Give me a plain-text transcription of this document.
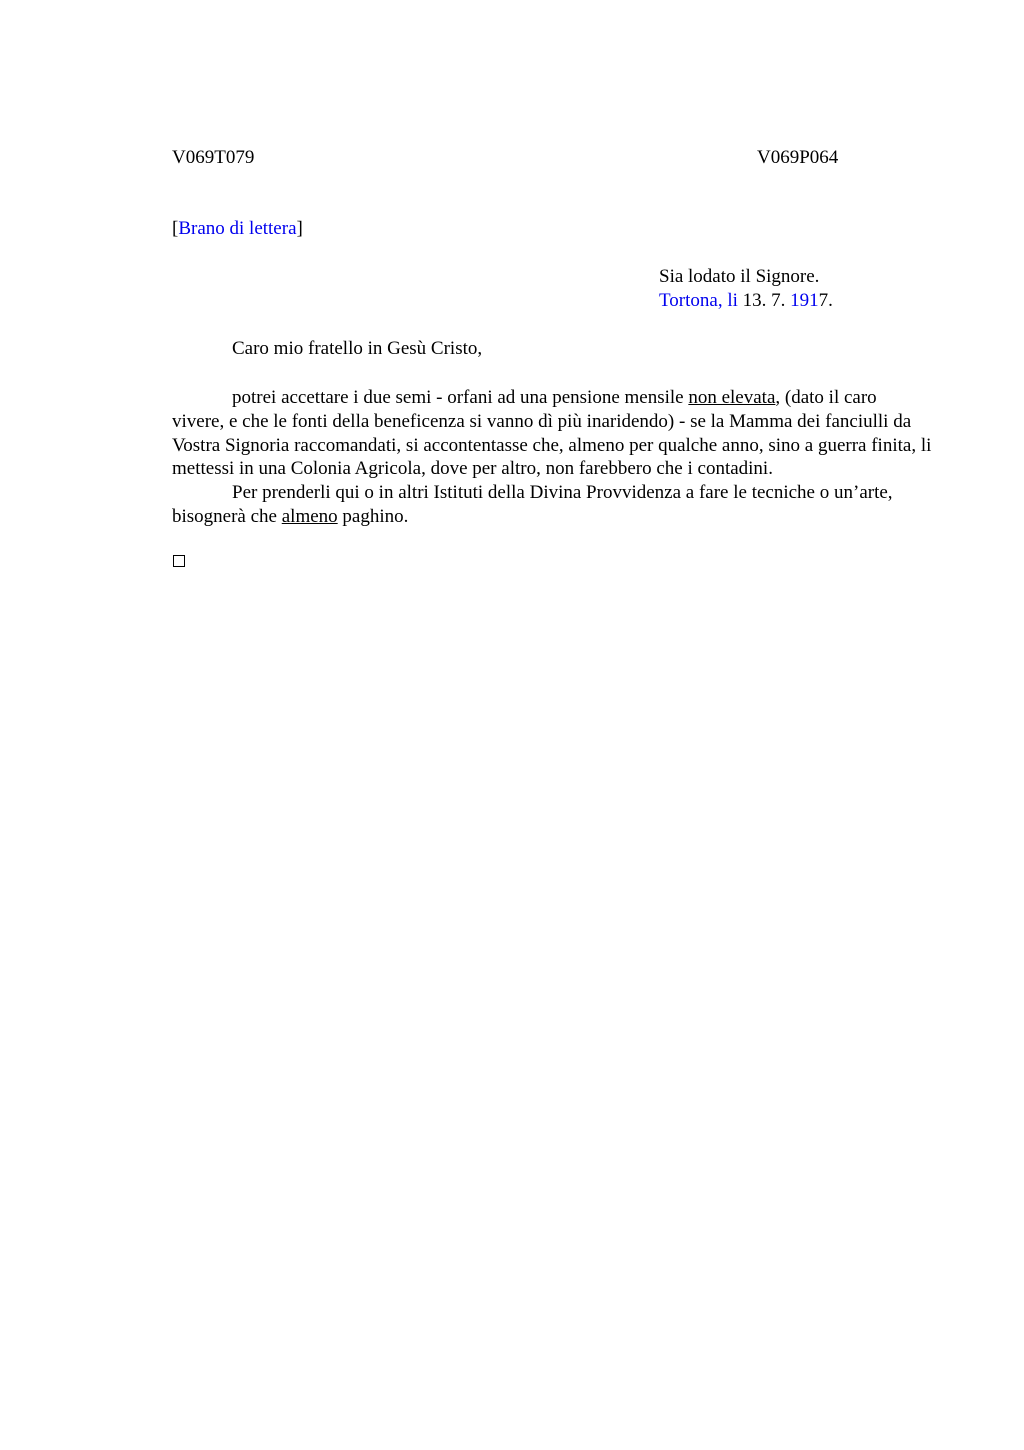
V069T079	V069P064
[Brano di lettera]
Sia lodato il Signore.
Tortona, li 13. 7. 1917.
Caro mio fratello in Gesù Cristo,

potrei accettare i due semi - orfani ad una pensione mensile non elevata, (dato il caro vivere, e che le fonti della beneficenza si vanno dì più inaridendo) - se la Mamma dei fanciulli da Vostra Signoria raccomandati, si accontentasse che, almeno per qualche anno, sino a guerra finita, li mettessi in una Colonia Agricola, dove per altro, non farebbero che i contadini.

Per prenderli qui o in altri Istituti della Divina Provvidenza a fare le tecniche o un’arte, bisognerà che almeno paghino.
